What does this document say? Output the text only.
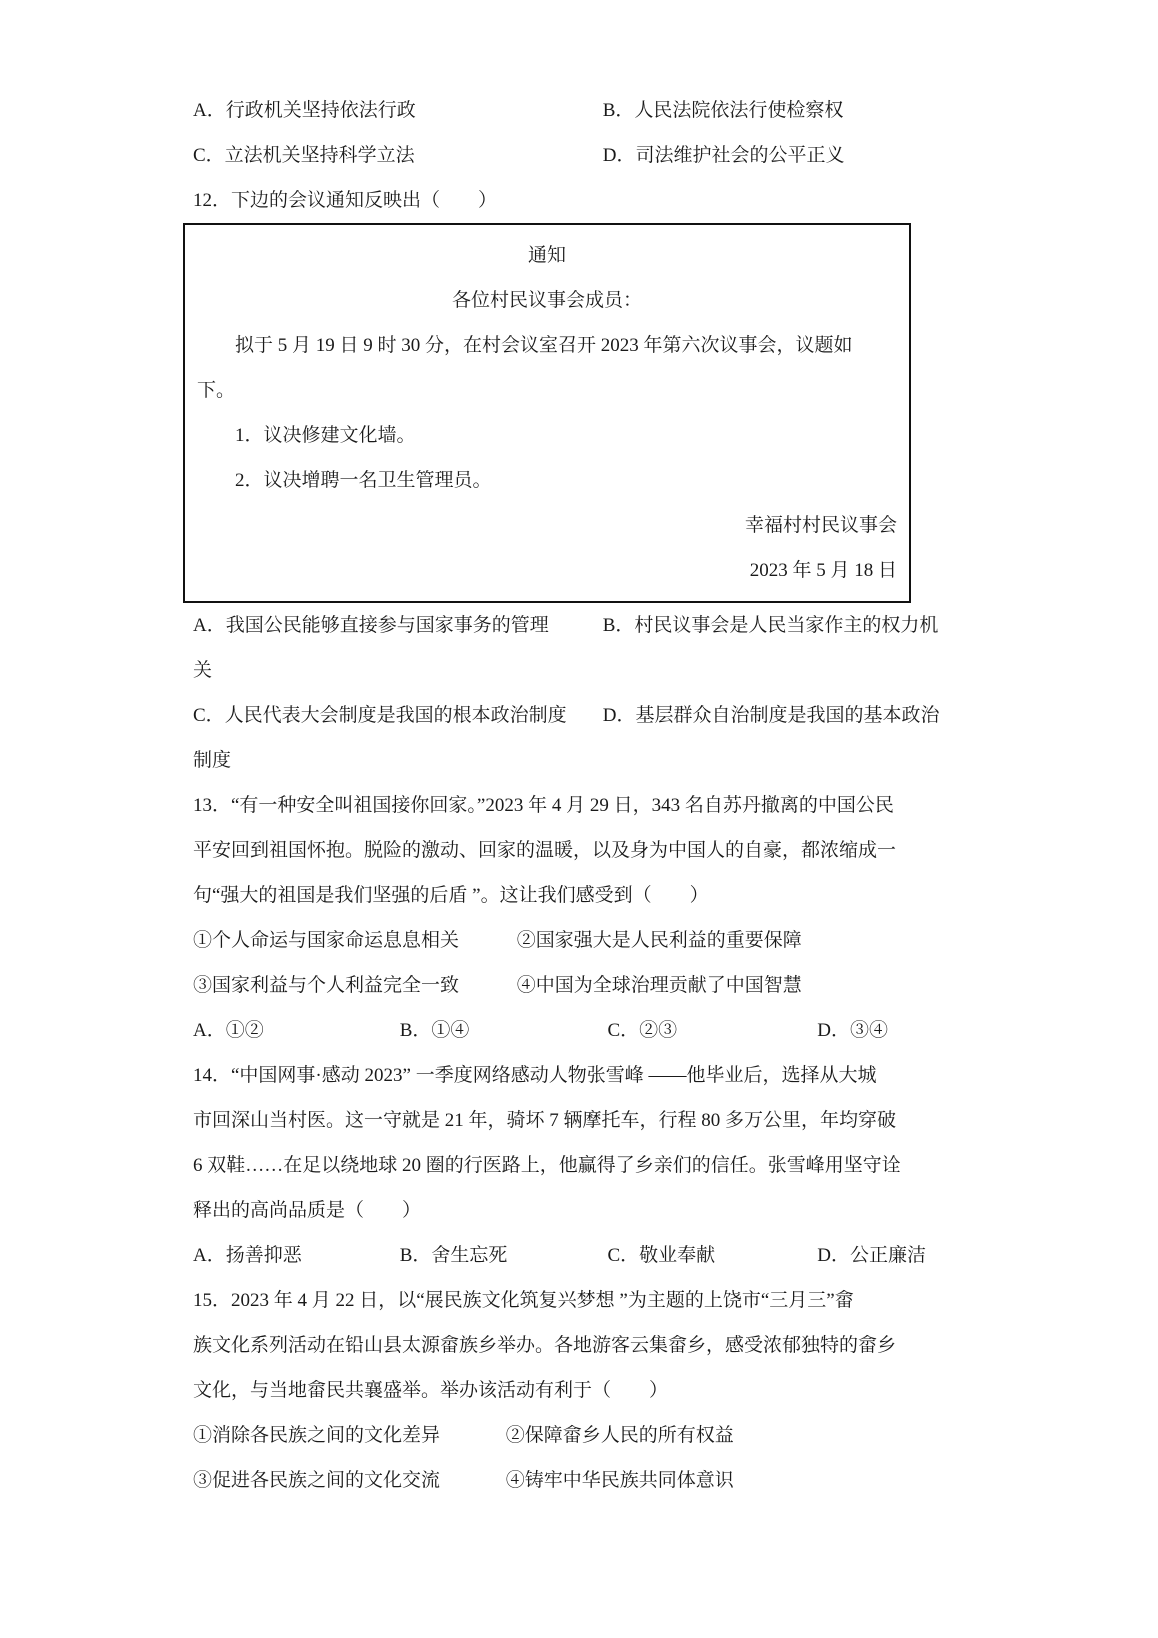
A．行政机关坚持依法行政	B．人民法院依法行使检察权
C．立法机关坚持科学立法	D．司法维护社会的公平正义
12．下边的会议通知反映出（　　）
通知
各位村民议事会成员：
拟于 5 月 19 日 9 时 30 分，在村会议室召开 2023 年第六次议事会，议题如
下。
1．议决修建文化墙。
2．议决增聘一名卫生管理员。
幸福村村民议事会
2023 年 5 月 18 日
A．我国公民能够直接参与国家事务的管理	B．村民议事会是人民当家作主的权力机
关
C．人民代表大会制度是我国的根本政治制度 D．基层群众自治制度是我国的基本政治
制度
13．“有一种安全叫祖国接你回家。”2023 年 4 月 29 日，343 名自苏丹撤离的中国公民
平安回到祖国怀抱。脱险的激动、回家的温暖，以及身为中国人的自豪，都浓缩成一
句“强大的祖国是我们坚强的后盾 ”。这让我们感受到（　　）
①个人命运与国家命运息息相关	②国家强大是人民利益的重要保障
③国家利益与个人利益完全一致	④中国为全球治理贡献了中国智慧
A．①②	B．①④	C．②③	D．③④
14．“中国网事·感动 2023” 一季度网络感动人物张雪峰 ——他毕业后，选择从大城
市回深山当村医。这一守就是 21 年，骑坏 7 辆摩托车，行程 80 多万公里，年均穿破
6 双鞋……在足以绕地球 20 圈的行医路上，他赢得了乡亲们的信任。张雪峰用坚守诠
释出的高尚品质是（　　）
A．扬善抑恶	B．舍生忘死	C．敬业奉献	D．公正廉洁
15．2023 年 4 月 22 日，以“展民族文化筑复兴梦想 ”为主题的上饶市“三月三”畲
族文化系列活动在铅山县太源畲族乡举办。各地游客云集畲乡，感受浓郁独特的畲乡
文化，与当地畲民共襄盛举。举办该活动有利于（　　）
①消除各民族之间的文化差异	②保障畲乡人民的所有权益
③促进各民族之间的文化交流	④铸牢中华民族共同体意识
